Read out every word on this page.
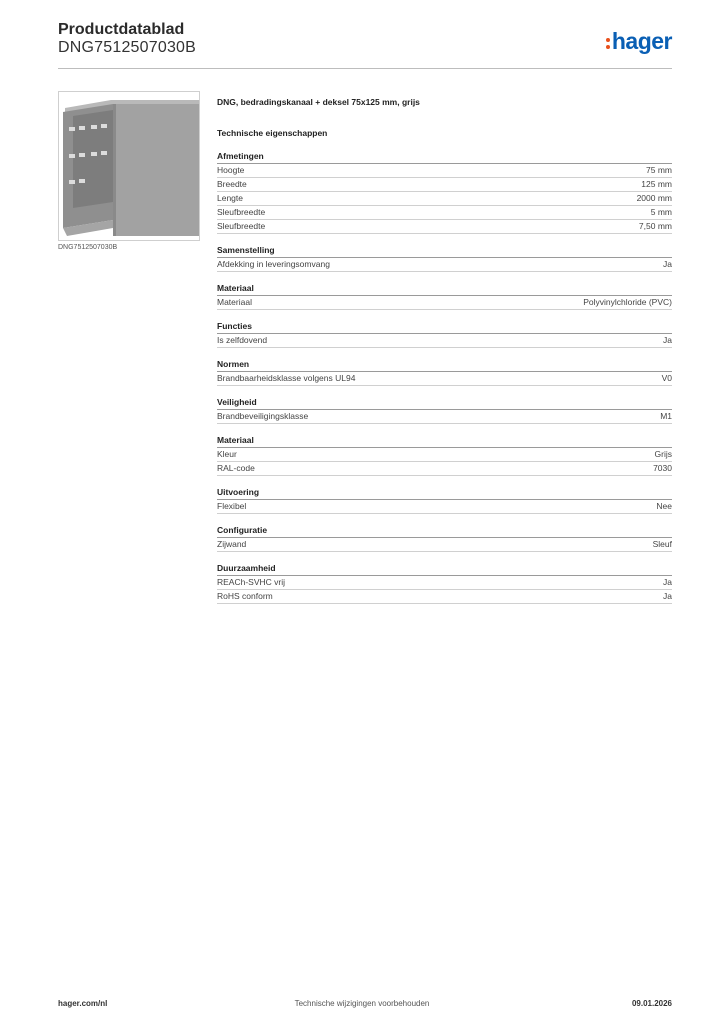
Productdatablad
DNG7512507030B	hager
DNG7512507030B
DNG, bedradingskanaal + deksel 75x125 mm, grijs
Technische eigenschappen
Afmetingen
Hoogte	75 mm
Breedte	125 mm
Lengte	2000 mm
Sleufbreedte	5 mm
Sleufbreedte	7,50 mm
Samenstelling
Afdekking in leveringsomvang	Ja
Materiaal
Materiaal	Polyvinylchloride (PVC)
Functies
Is zelfdovend	Ja
Normen
Brandbaarheidsklasse volgens UL94	V0
Veiligheid
Brandbeveiligingsklasse	M1
Materiaal
Kleur	Grijs
RAL-code	7030
Uitvoering
Flexibel	Nee
Configuratie
Zijwand	Sleuf
Duurzaamheid
REACh-SVHC vrij	Ja
RoHS conform	Ja
hager.com/nl	Technische wijzigingen voorbehouden	09.01.2026
